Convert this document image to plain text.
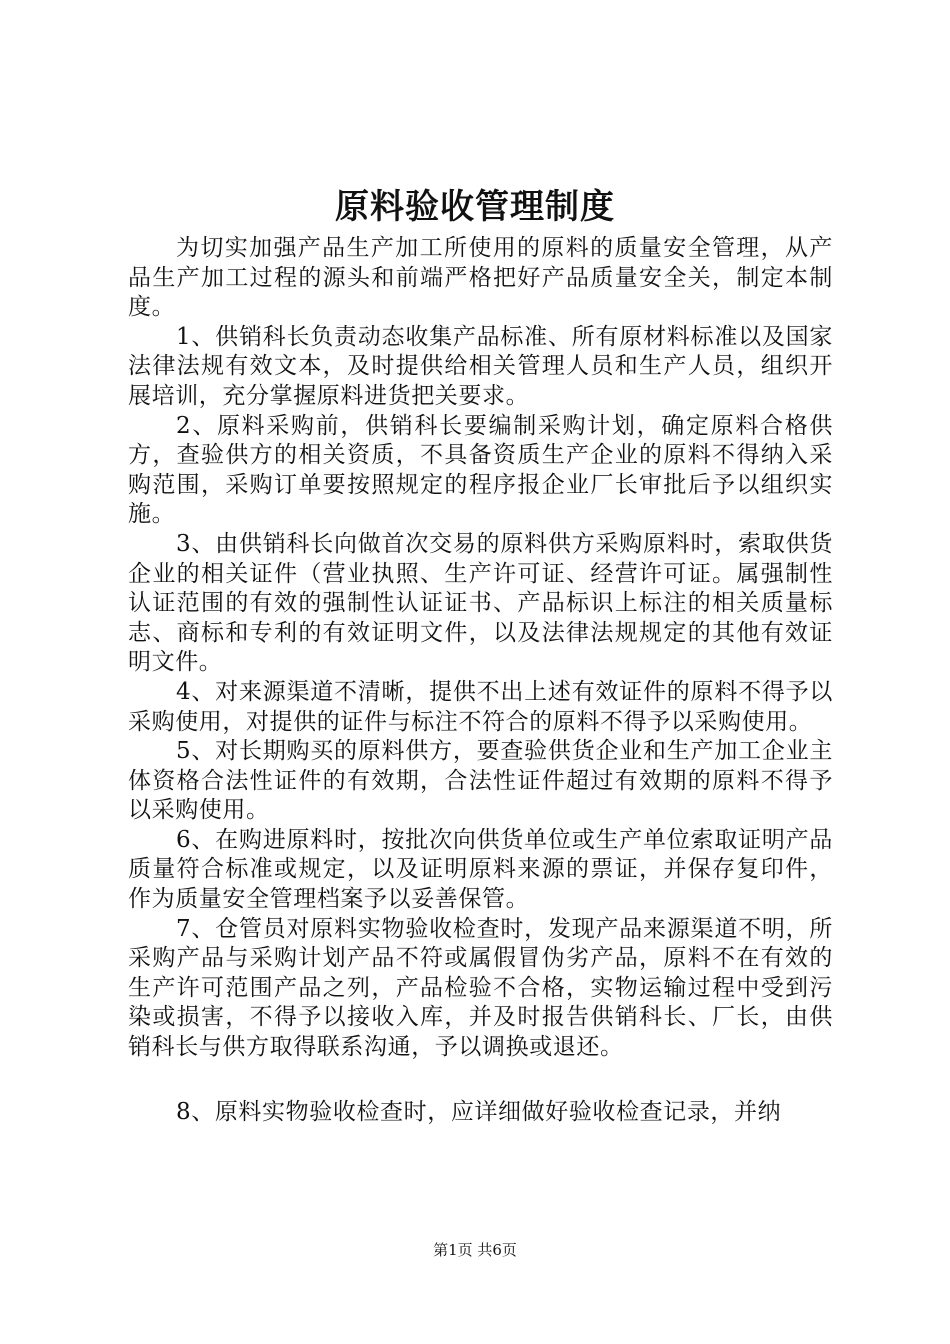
原料验收管理制度

为切实加强产品生产加工所使用的原料的质量安全管理，从产品生产加工过程的源头和前端严格把好产品质量安全关，制定本制度。

1、供销科长负责动态收集产品标准、所有原材料标准以及国家法律法规有效文本，及时提供给相关管理人员和生产人员，组织开展培训，充分掌握原料进货把关要求。

2、原料采购前，供销科长要编制采购计划，确定原料合格供方，查验供方的相关资质，不具备资质生产企业的原料不得纳入采购范围，采购订单要按照规定的程序报企业厂长审批后予以组织实施。

3、由供销科长向做首次交易的原料供方采购原料时，索取供货企业的相关证件（营业执照、生产许可证、经营许可证。属强制性认证范围的有效的强制性认证证书、产品标识上标注的相关质量标志、商标和专利的有效证明文件，以及法律法规规定的其他有效证明文件。

4、对来源渠道不清晰，提供不出上述有效证件的原料不得予以采购使用，对提供的证件与标注不符合的原料不得予以采购使用。

5、对长期购买的原料供方，要查验供货企业和生产加工企业主体资格合法性证件的有效期，合法性证件超过有效期的原料不得予以采购使用。

6、在购进原料时，按批次向供货单位或生产单位索取证明产品质量符合标准或规定，以及证明原料来源的票证，并保存复印件，作为质量安全管理档案予以妥善保管。

7、仓管员对原料实物验收检查时，发现产品来源渠道不明，所采购产品与采购计划产品不符或属假冒伪劣产品，原料不在有效的生产许可范围产品之列，产品检验不合格，实物运输过程中受到污染或损害，不得予以接收入库，并及时报告供销科长、厂长，由供销科长与供方取得联系沟通，予以调换或退还。

8、原料实物验收检查时，应详细做好验收检查记录，并纳

第1页 共6页
